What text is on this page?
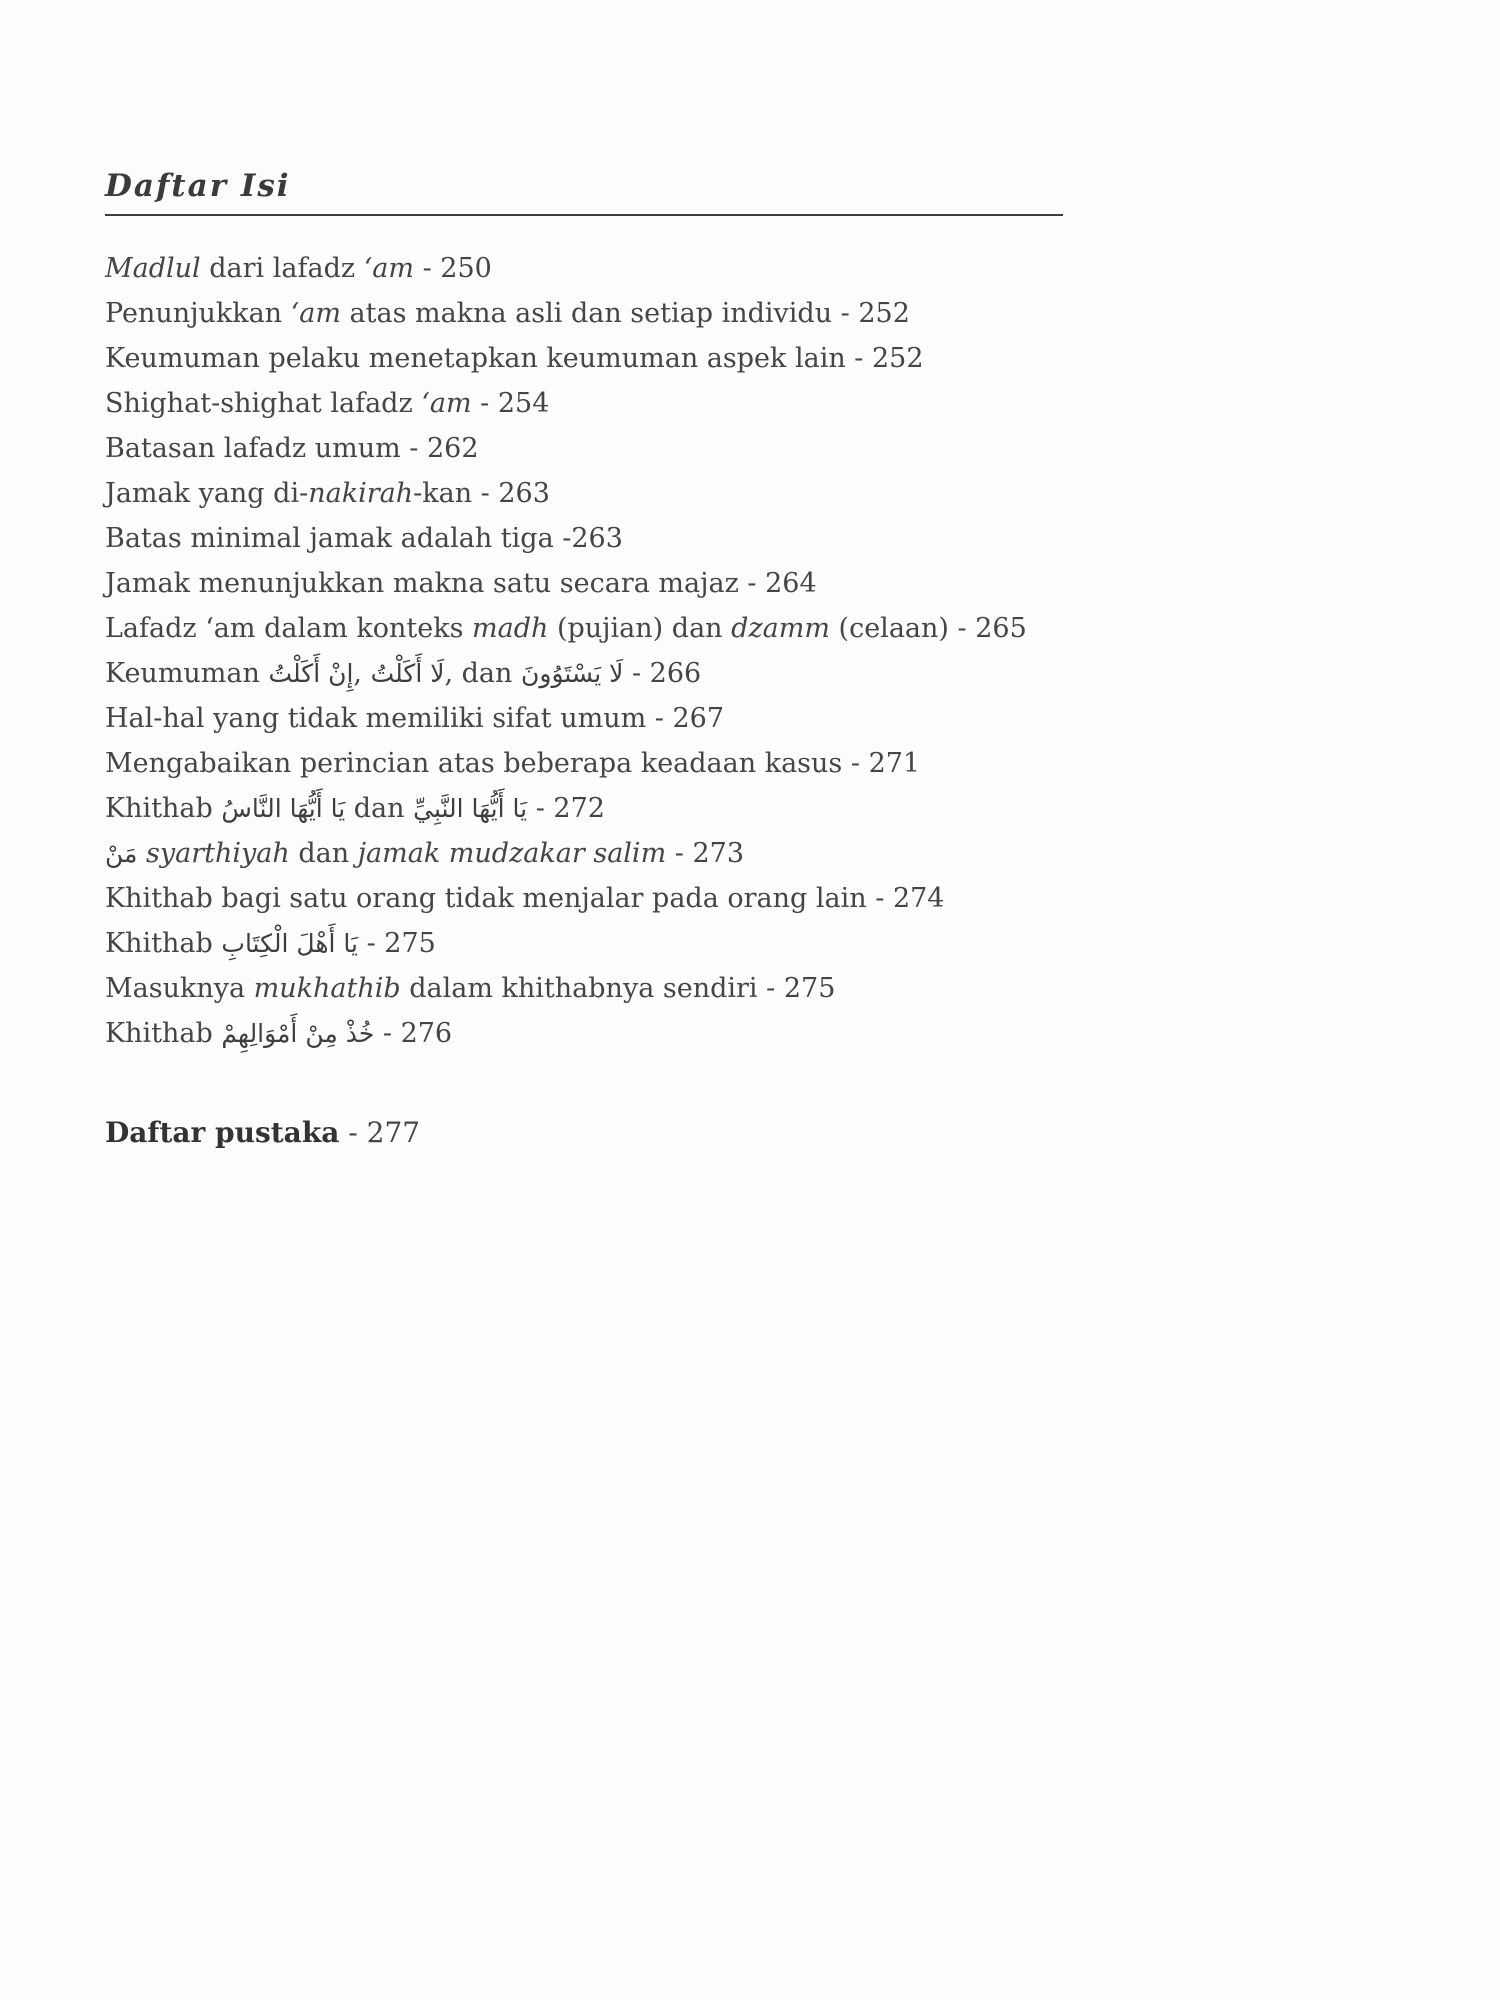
Daftar Isi
Madlul dari lafadz ‘am - 250
Penunjukkan ‘am atas makna asli dan setiap individu - 252
Keumuman pelaku menetapkan keumuman aspek lain - 252
Shighat-shighat lafadz ‘am - 254
Batasan lafadz umum - 262
Jamak yang di-nakirah-kan - 263
Batas minimal jamak adalah tiga -263
Jamak menunjukkan makna satu secara majaz - 264
Lafadz ‘am dalam konteks madh (pujian) dan dzamm (celaan) - 265
Keumuman إِنْ أَكَلْتُ, لَا أَكَلْتُ, dan لَا يَسْتَوُونَ - 266
Hal-hal yang tidak memiliki sifat umum - 267
Mengabaikan perincian atas beberapa keadaan kasus - 271
Khithab يَا أَيُّهَا النَّاسُ dan يَا أَيُّهَا النَّبِيِّ - 272
مَنْ syarthiyah dan jamak mudzakar salim - 273
Khithab bagi satu orang tidak menjalar pada orang lain - 274
Khithab يَا أَهْلَ الْكِتَابِ - 275
Masuknya mukhathib dalam khithabnya sendiri - 275
Khithab خُذْ مِنْ أَمْوَالِهِمْ - 276
Daftar pustaka - 277
